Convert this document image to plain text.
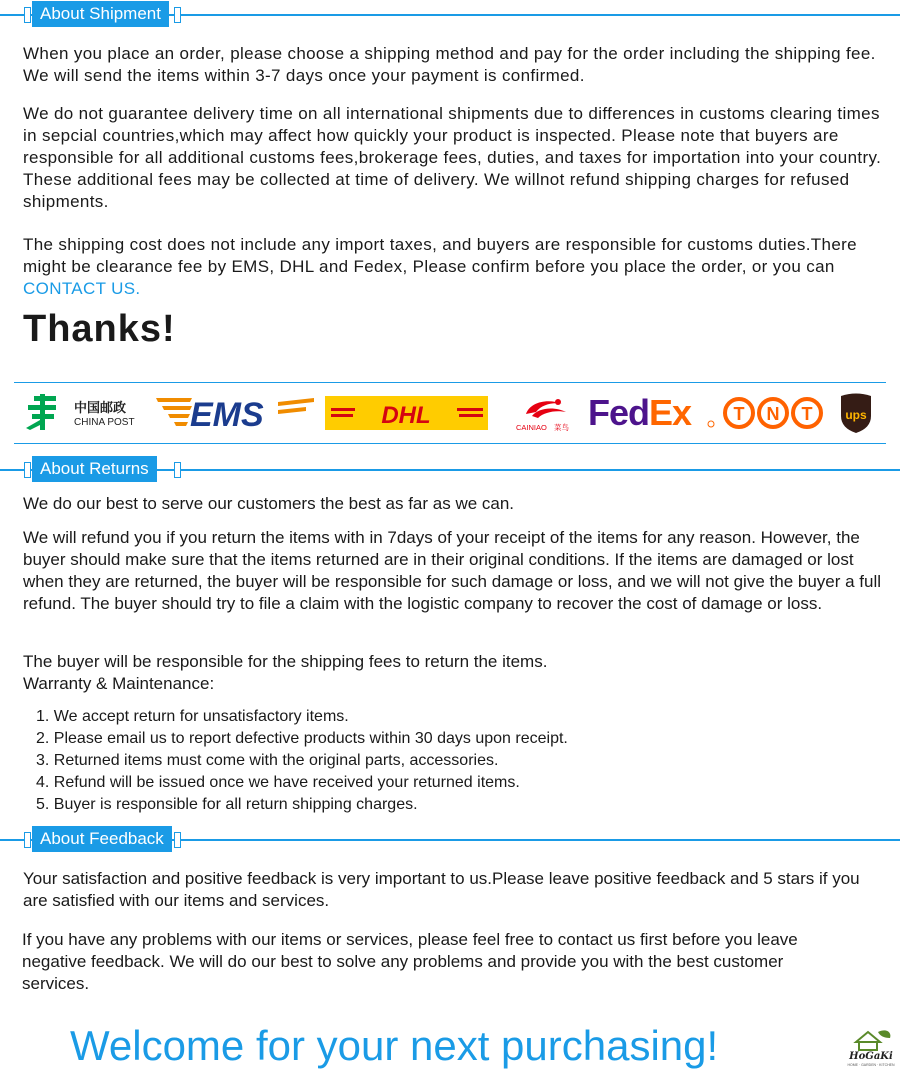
About Shipment

When you place an order, please choose a shipping method and pay for the order including the shipping fee. We will send the items within 3-7 days once your payment is confirmed.

We do not guarantee delivery time on all international shipments due to differences in customs clearing times in sepcial countries,which may affect how quickly your product is inspected. Please note that buyers are responsible for all additional customs fees,brokerage fees, duties, and taxes for importation into your country. These additional fees may be collected at time of delivery. We willnot refund shipping charges for refused shipments.

The shipping cost does not include any import taxes, and buyers are responsible for customs duties.There might be clearance fee by EMS, DHL and Fedex, Please confirm before you place the order, or you can CONTACT US.

Thanks!

中国邮政
CHINA POST EMS	DHL	CAINIAO 菜鸟 FedEx T N T	ups
About Returns

We do our best to serve our customers the best as far as we can.

We will refund you if you return the items with in 7days of your receipt of the items for any reason. However, the buyer should make sure that the items returned are in their original conditions. If the items are damaged or lost when they are returned, the buyer will be responsible for such damage or loss, and we will not give the buyer a full refund. The buyer should try to file a claim with the logistic company to recover the cost of damage or loss.

The buyer will be responsible for the shipping fees to return the items.

Warranty & Maintenance:

1. We accept return for unsatisfactory items.
2. Please email us to report defective products within 30 days upon receipt.
3. Returned items must come with the original parts, accessories.
4. Refund will be issued once we have received your returned items.
5. Buyer is responsible for all return shipping charges.
About Feedback

Your satisfaction and positive feedback is very important to us.Please leave positive feedback and 5 stars if you are satisfied with our items and services.

If you have any problems with our items or services, please feel free to contact us first before you leave negative feedback. We will do our best to solve any problems and provide you with the best customer services.

Welcome for your next purchasing!	HoGaKi
HOME · GARDEN · KITCHEN
